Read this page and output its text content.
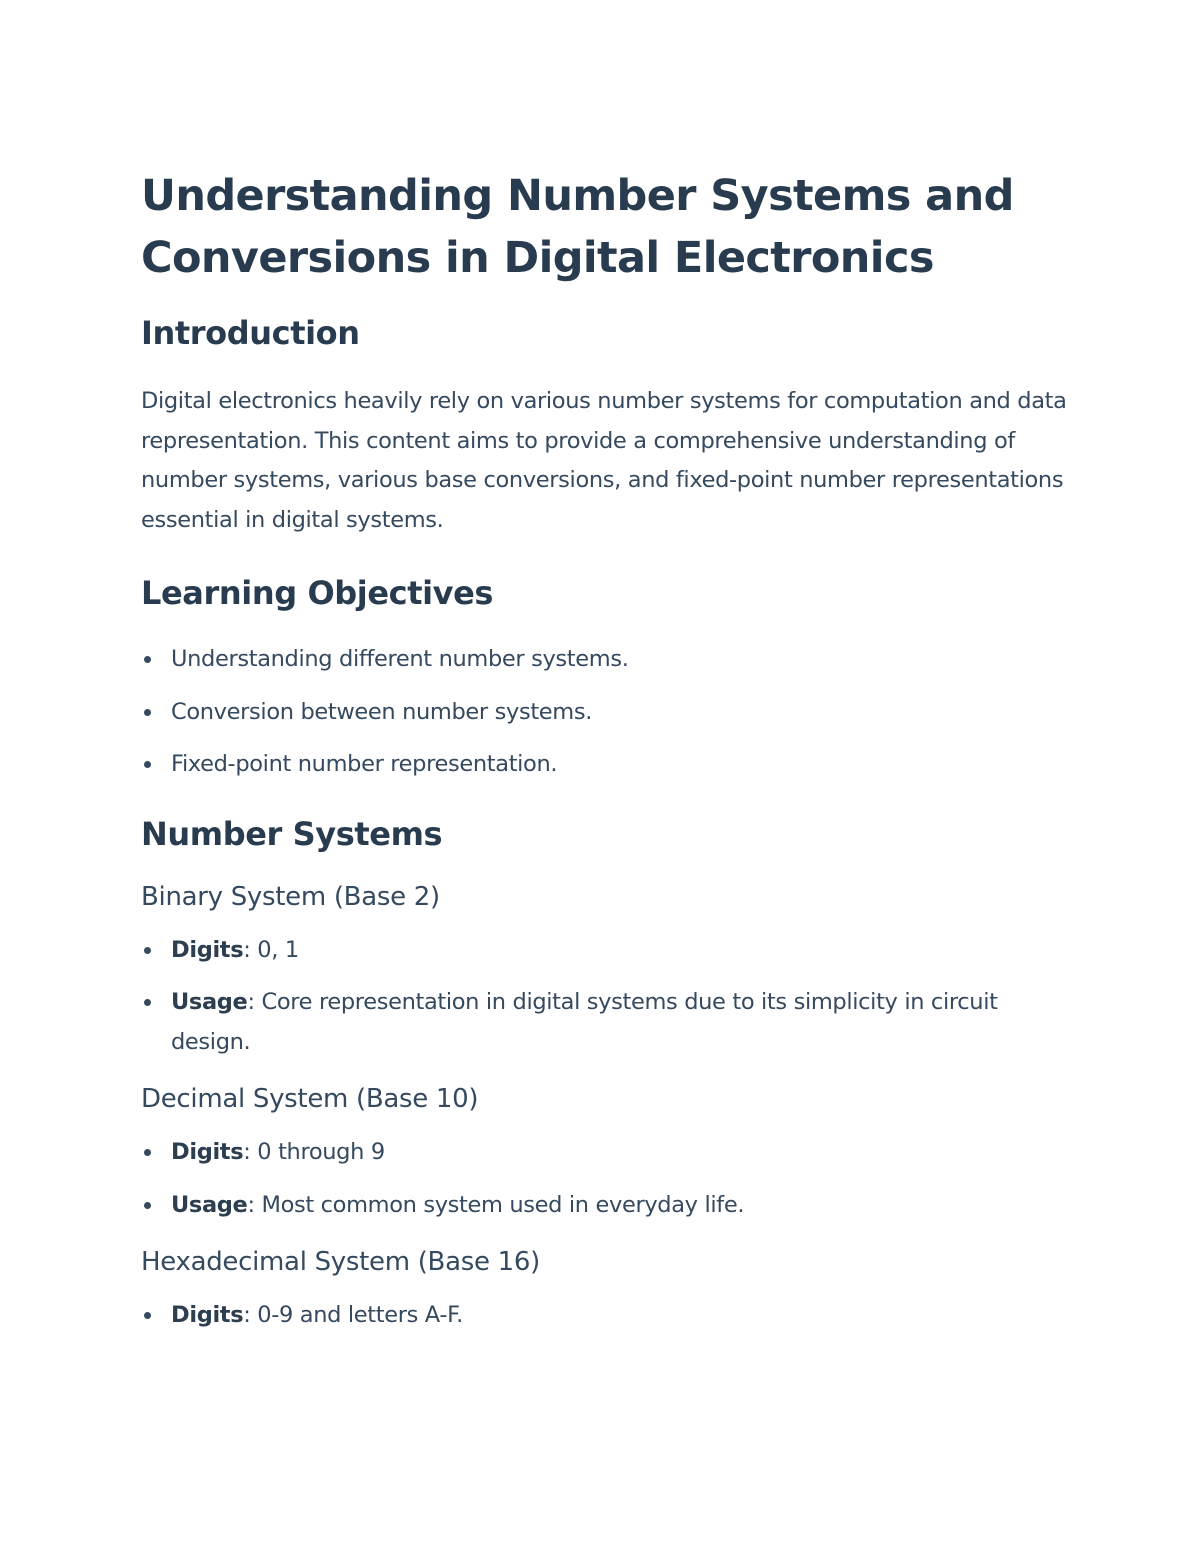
Understanding Number Systems and Conversions in Digital Electronics
Introduction

Digital electronics heavily rely on various number systems for computation and data representation. This content aims to provide a comprehensive understanding of number systems, various base conversions, and fixed-point number representations essential in digital systems.

Learning Objectives
Understanding different number systems.
Conversion between number systems.
Fixed-point number representation.
Number Systems
Binary System (Base 2)
Digits: 0, 1
Usage: Core representation in digital systems due to its simplicity in circuit design.
Decimal System (Base 10)
Digits: 0 through 9
Usage: Most common system used in everyday life.
Hexadecimal System (Base 16)
Digits: 0-9 and letters A-F.
